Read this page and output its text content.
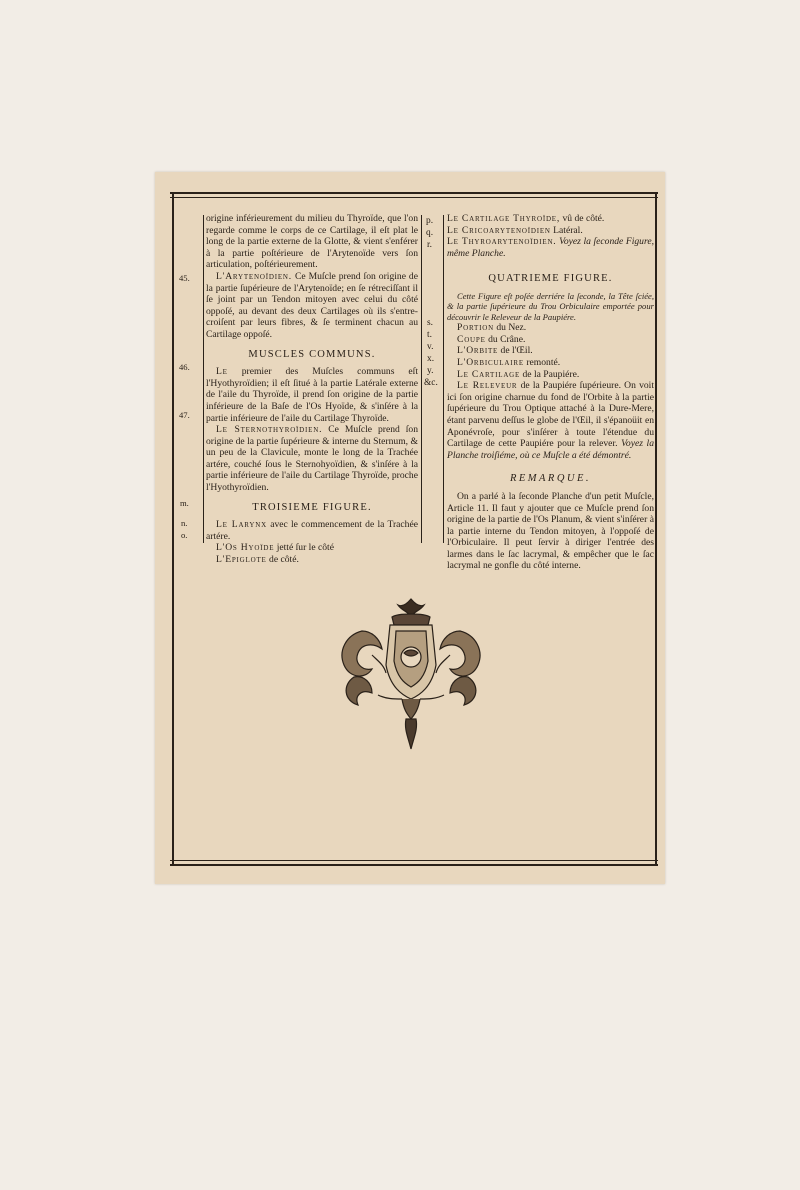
45.
46.
47.
m.
n.
o.

origine inférieurement du milieu du Thyroïde, que l'on regarde comme le corps de ce Cartilage, il eſt plat le long de la partie externe de la Glotte, & vient s'enférer à la partie poſtérieure de l'Arytenoïde vers ſon articulation, poſtérieurement.

L'Arytenoïdien. Ce Muſcle prend ſon origine de la partie ſupérieure de l'Arytenoïde; en ſe rétreciſſant il ſe joint par un Tendon mitoyen avec celui du côté oppoſé, au devant des deux Cartilages où ils s'entre-croiſent par leurs fibres, & ſe terminent chacun au Cartilage oppoſé.

MUSCLES COMMUNS.

Le premier des Muſcles communs eſt l'Hyothyroïdien; il eſt ſitué à la partie Latérale externe de l'aile du Thyroïde, il prend ſon origine de la partie inférieure de la Baſe de l'Os Hyoïde, & s'inſére à la partie inférieure de l'aile du Cartilage Thyroïde.

Le Sternothyroïdien. Ce Muſcle prend ſon origine de la partie ſupérieure & interne du Sternum, & un peu de la Clavicule, monte le long de la Trachée artére, couché ſous le Sternohyoïdien, & s'inſére à la partie inférieure de l'aile du Cartilage Thyroïde, proche l'Hyothyroïdien.

TROISIEME FIGURE.

Le Larynx avec le commencement de la Trachée artére.

L'Os Hyoïde jetté ſur le côté

L'Epiglote de côté.

p.
q.
r.
s.
t.
v.
x.
y.
&c.

Le Cartilage Thyroïde, vû de côté.

Le Cricoarytenoïdien Latéral.

Le Thyroarytenoïdien. Voyez la ſeconde Figure, même Planche.

QUATRIEME FIGURE.

Cette Figure eſt poſée derriére la ſeconde, la Tête ſciée, & la partie ſupérieure du Trou Orbiculaire emportée pour découvrir le Releveur de la Paupiére.

Portion du Nez.

Coupe du Crâne.

L'Orbite de l'Œil.

L'Orbiculaire remonté.

Le Cartilage de la Paupiére.

Le Releveur de la Paupiére ſupérieure. On voit ici ſon origine charnue du fond de l'Orbite à la partie ſupérieure du Trou Optique attaché à la Dure-Mere, étant parvenu deſſus le globe de l'Œil, il s'épanoüit en Aponévroſe, pour s'inſérer à toute l'étendue du Cartilage de cette Paupiére pour la relever. Voyez la Planche troiſiéme, où ce Muſcle a été démontré.

REMARQUE.

On a parlé à la ſeconde Planche d'un petit Muſcle, Article 11. Il faut y ajouter que ce Muſcle prend ſon origine de la partie de l'Os Planum, & vient s'inſérer à la partie interne du Tendon mitoyen, à l'oppoſé de l'Orbiculaire. Il peut ſervir à diriger l'entrée des larmes dans le ſac lacrymal, & empêcher que le ſac lacrymal ne gonfle du côté interne.
